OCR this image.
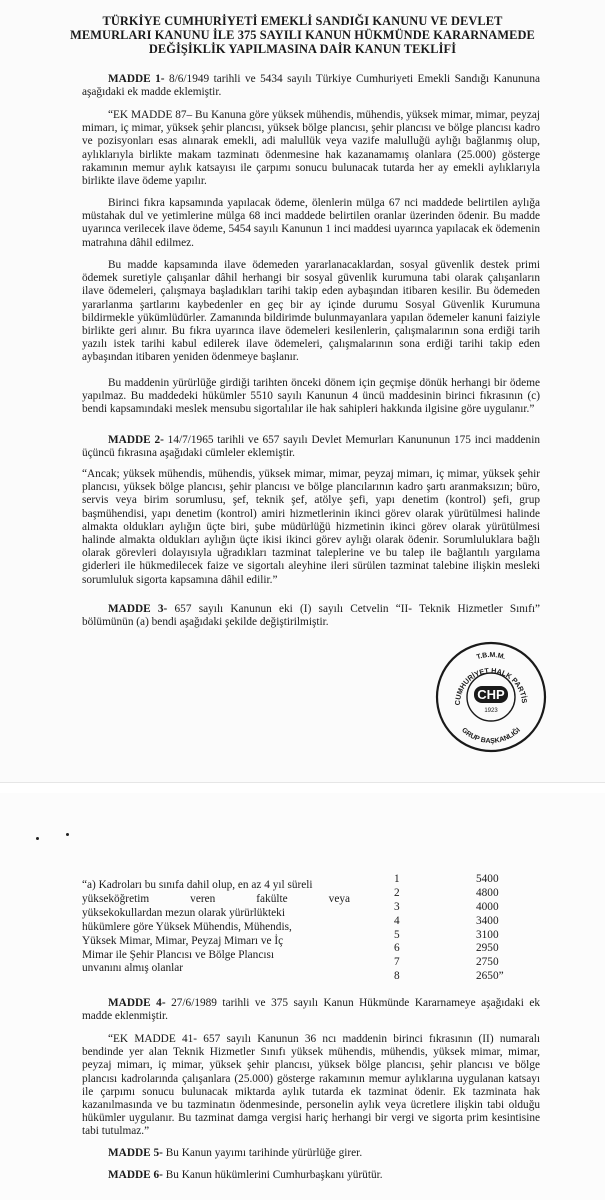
TÜRKİYE CUMHURİYETİ EMEKLİ SANDIĞI KANUNU VE DEVLET
MEMURLARI KANUNU İLE 375 SAYILI KANUN HÜKMÜNDE KARARNAMEDE
DEĞİŞİKLİK YAPILMASINA DAİR KANUN TEKLİFİ
MADDE 1- 8/6/1949 tarihli ve 5434 sayılı Türkiye Cumhuriyeti Emekli Sandığı Kanununa aşağıdaki ek madde eklemiştir.
“EK MADDE 87– Bu Kanuna göre yüksek mühendis, mühendis, yüksek mimar, mimar, peyzaj mimarı, iç mimar, yüksek şehir plancısı, yüksek bölge plancısı, şehir plancısı ve bölge plancısı kadro ve pozisyonları esas alınarak emekli, adi malullük veya vazife malulluğü aylığı bağlanmış olup, aylıklarıyla birlikte makam tazminatı ödenmesine hak kazanamamış olanlara (25.000) gösterge rakamının memur aylık katsayısı ile çarpımı sonucu bulunacak tutarda her ay emekli aylıklarıyla birlikte ilave ödeme yapılır.
Birinci fıkra kapsamında yapılacak ödeme, ölenlerin mülga 67 nci maddede belirtilen aylığa müstahak dul ve yetimlerine mülga 68 inci maddede belirtilen oranlar üzerinden ödenir. Bu madde uyarınca verilecek ilave ödeme, 5454 sayılı Kanunun 1 inci maddesi uyarınca yapılacak ek ödemenin matrahına dâhil edilmez.
Bu madde kapsamında ilave ödemeden yararlanacaklardan, sosyal güvenlik destek primi ödemek suretiyle çalışanlar dâhil herhangi bir sosyal güvenlik kurumuna tabi olarak çalışanların ilave ödemeleri, çalışmaya başladıkları tarihi takip eden aybaşından itibaren kesilir. Bu ödemeden yararlanma şartlarını kaybedenler en geç bir ay içinde durumu Sosyal Güvenlik Kurumuna bildirmekle yükümlüdürler. Zamanında bildirimde bulunmayanlara yapılan ödemeler kanuni faiziyle birlikte geri alınır. Bu fıkra uyarınca ilave ödemeleri kesilenlerin, çalışmalarının sona erdiği tarih yazılı istek tarihi kabul edilerek ilave ödemeleri, çalışmalarının sona erdiği tarihi takip eden aybaşından itibaren yeniden ödenmeye başlanır.
Bu maddenin yürürlüğe girdiği tarihten önceki dönem için geçmişe dönük herhangi bir ödeme yapılmaz. Bu maddedeki hükümler 5510 sayılı Kanunun 4 üncü maddesinin birinci fıkrasının (c) bendi kapsamındaki meslek mensubu sigortalılar ile hak sahipleri hakkında ilgisine göre uygulanır.”
MADDE 2- 14/7/1965 tarihli ve 657 sayılı Devlet Memurları Kanununun 175 inci maddenin üçüncü fıkrasına aşağıdaki cümleler eklemiştir.
“Ancak; yüksek mühendis, mühendis, yüksek mimar, mimar, peyzaj mimarı, iç mimar, yüksek şehir plancısı, yüksek bölge plancısı, şehir plancısı ve bölge plancılarının kadro şartı aranmaksızın; büro, servis veya birim sorumlusu, şef, teknik şef, atölye şefi, yapı denetim (kontrol) şefi, grup başmühendisi, yapı denetim (kontrol) amiri hizmetlerinin ikinci görev olarak yürütülmesi halinde almakta oldukları aylığın üçte biri, şube müdürlüğü hizmetinin ikinci görev olarak yürütülmesi halinde almakta oldukları aylığın üçte ikisi ikinci görev aylığı olarak ödenir. Sorumluluklara bağlı olarak görevleri dolayısıyla uğradıkları tazminat taleplerine ve bu talep ile bağlantılı yargılama giderleri ile hükmedilecek faize ve sigortalı aleyhine ileri sürülen tazminat talebine ilişkin mesleki sorumluluk sigorta kapsamına dâhil edilir.”
MADDE 3- 657 sayılı Kanunun eki (I) sayılı Cetvelin “II- Teknik Hizmetler Sınıfı” bölümünün (a) bendi aşağıdaki şekilde değiştirilmiştir.
T.B.M.M.
CUMHURİYET HALK PARTİS
CHP
1923
GRUP BAŞKANLIĞI
“a) Kadroları bu sınıfa dahil olup, en az 4 yıl süreli
yükseköğretim	veren	fakülte	veya
yüksekokullardan mezun olarak yürürlükteki
hükümlere göre Yüksek Mühendis, Mühendis,
Yüksek Mimar, Mimar, Peyzaj Mimarı ve İç
Mimar ile Şehir Plancısı ve Bölge Plancısı
unvanını almış olanlar
1	5400
2	4800
3	4000
4	3400
5	3100
6	2950
7	2750
8	2650”
MADDE 4- 27/6/1989 tarihli ve 375 sayılı Kanun Hükmünde Kararnameye aşağıdaki ek madde eklenmiştir.
“EK MADDE 41- 657 sayılı Kanunun 36 ncı maddenin birinci fıkrasının (II) numaralı bendinde yer alan Teknik Hizmetler Sınıfı yüksek mühendis, mühendis, yüksek mimar, mimar, peyzaj mimarı, iç mimar, yüksek şehir plancısı, yüksek bölge plancısı, şehir plancısı ve bölge plancısı kadrolarında çalışanlara (25.000) gösterge rakamının memur aylıklarına uygulanan katsayı ile çarpımı sonucu bulunacak miktarda aylık tutarda ek tazminat ödenir. Ek tazminata hak kazanılmasında ve bu tazminatın ödenmesinde, personelin aylık veya ücretlere ilişkin tabi olduğu hükümler uygulanır. Bu tazminat damga vergisi hariç herhangi bir vergi ve sigorta prim kesintisine tabi tutulmaz.”
MADDE 5- Bu Kanun yayımı tarihinde yürürlüğe girer.
MADDE 6- Bu Kanun hükümlerini Cumhurbaşkanı yürütür.
